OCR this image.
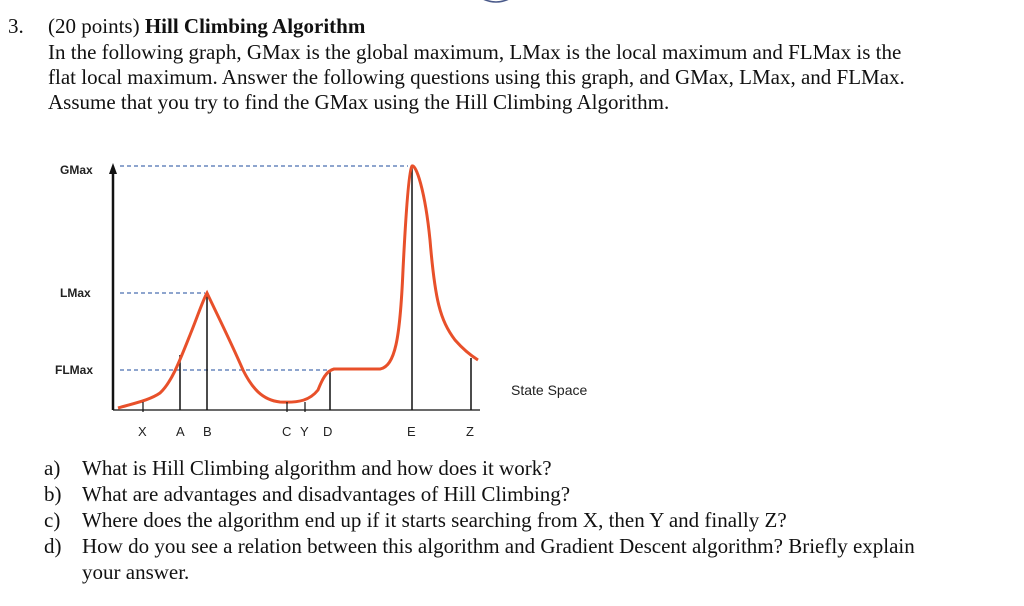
3. (20 points) Hill Climbing Algorithm
In the following graph, GMax is the global maximum, LMax is the local maximum and FLMax is the
flat local maximum. Answer the following questions using this graph, and GMax, LMax, and FLMax.
Assume that you try to find the GMax using the Hill Climbing Algorithm.
GMax
LMax
FLMax
X A B	C Y D	E	Z
State Space
a)	What is Hill Climbing algorithm and how does it work?
b) What are advantages and disadvantages of Hill Climbing?
c)	Where does the algorithm end up if it starts searching from X, then Y and finally Z?
d) How do you see a relation between this algorithm and Gradient Descent algorithm? Briefly explain
your answer.
